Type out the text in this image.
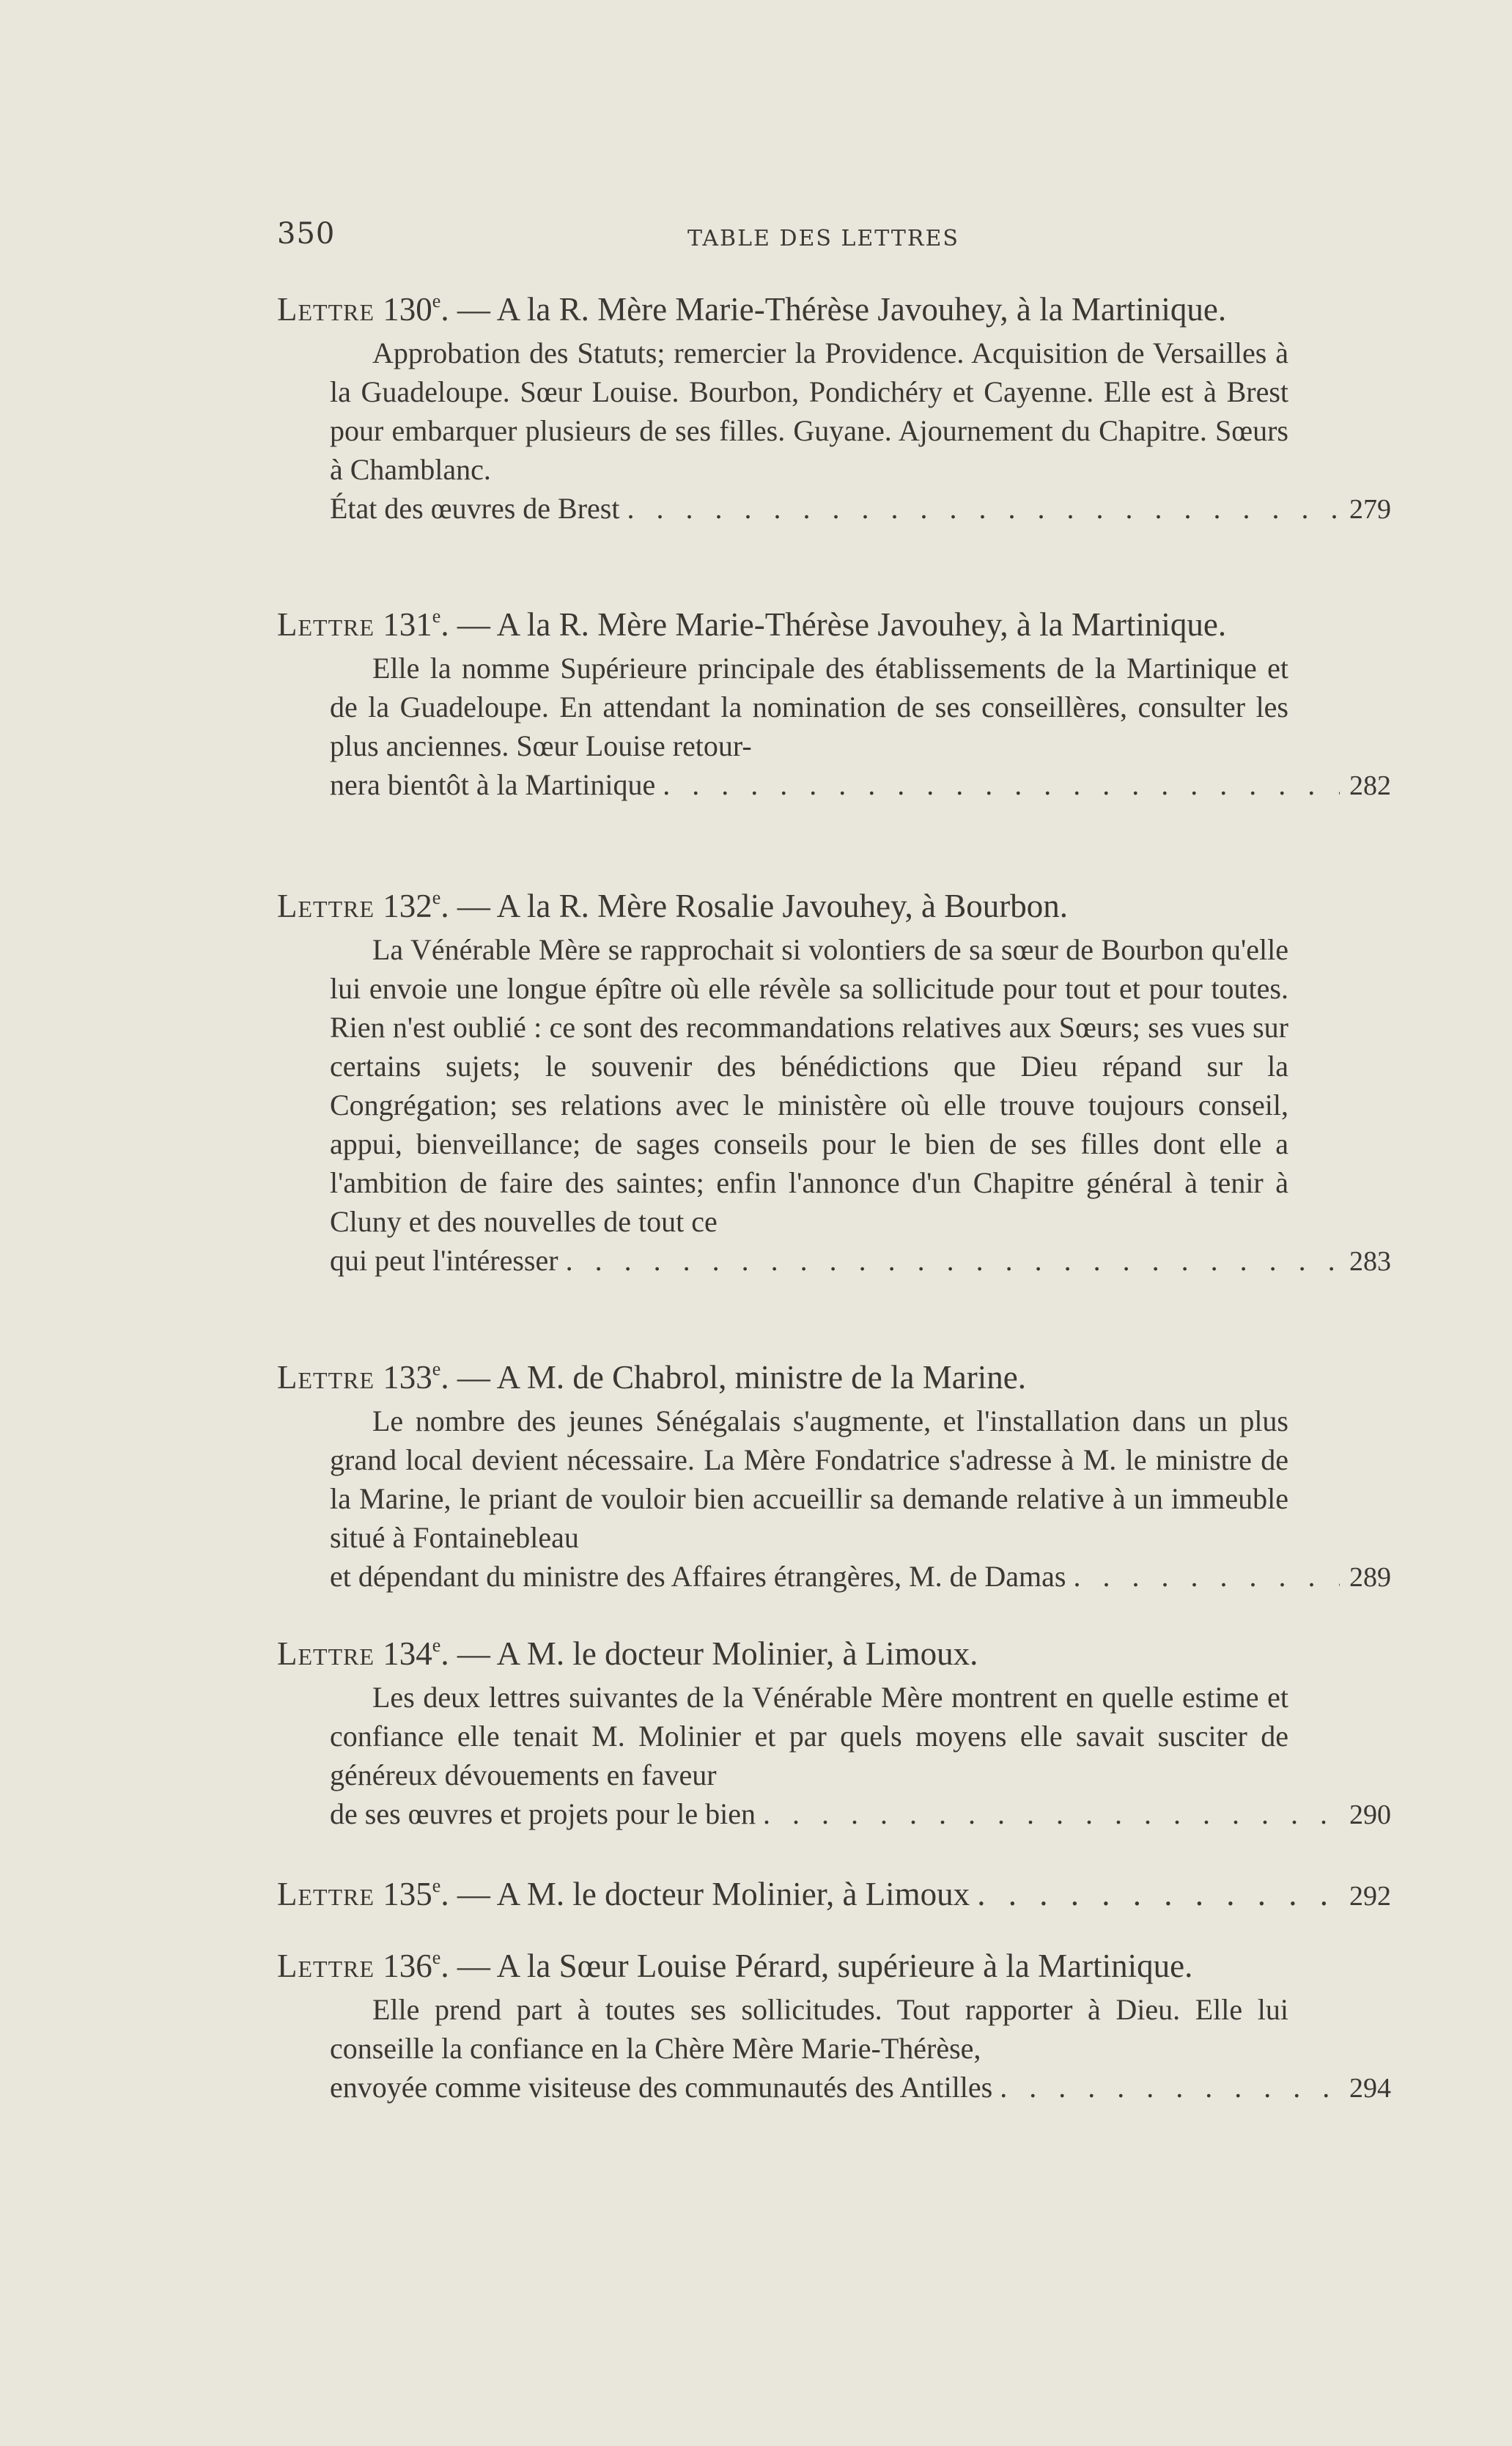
350	TABLE DES LETTRES
Lettre 130e. — A la R. Mère Marie-Thérèse Javouhey, à la Martinique.
Approbation des Statuts; remercier la Providence. Acquisition de Versailles à la Guadeloupe. Sœur Louise. Bourbon, Pondichéry et Cayenne. Elle est à Brest pour embarquer plusieurs de ses filles. Guyane. Ajournement du Chapitre. Sœurs à Chamblanc.
État des œuvres de Brest . . .	279
Lettre 131e. — A la R. Mère Marie-Thérèse Javouhey, à la Martinique.
Elle la nomme Supérieure principale des établissements de la Martinique et de la Guadeloupe. En attendant la nomination de ses conseillères, consulter les plus anciennes. Sœur Louise retour-
nera bientôt à la Martinique . . .	282
Lettre 132e. — A la R. Mère Rosalie Javouhey, à Bourbon.
La Vénérable Mère se rapprochait si volontiers de sa sœur de Bourbon qu'elle lui envoie une longue épître où elle révèle sa sollicitude pour tout et pour toutes. Rien n'est oublié : ce sont des recommandations relatives aux Sœurs; ses vues sur certains sujets; le souvenir des bénédictions que Dieu répand sur la Congrégation; ses relations avec le ministère où elle trouve toujours conseil, appui, bienveillance; de sages conseils pour le bien de ses filles dont elle a l'ambition de faire des saintes; enfin l'annonce d'un Chapitre général à tenir à Cluny et des nouvelles de tout ce
qui peut l'intéresser . . .	283
Lettre 133e. — A M. de Chabrol, ministre de la Marine.
Le nombre des jeunes Sénégalais s'augmente, et l'installation dans un plus grand local devient nécessaire. La Mère Fondatrice s'adresse à M. le ministre de la Marine, le priant de vouloir bien accueillir sa demande relative à un immeuble situé à Fontainebleau
et dépendant du ministre des Affaires étrangères, M. de Damas . . .	289
Lettre 134e. — A M. le docteur Molinier, à Limoux.
Les deux lettres suivantes de la Vénérable Mère montrent en quelle estime et confiance elle tenait M. Molinier et par quels moyens elle savait susciter de généreux dévouements en faveur
de ses œuvres et projets pour le bien . . .	290
Lettre 135e. — A M. le docteur Molinier, à Limoux . . .	292
Lettre 136e. — A la Sœur Louise Pérard, supérieure à la Martinique.
Elle prend part à toutes ses sollicitudes. Tout rapporter à Dieu. Elle lui conseille la confiance en la Chère Mère Marie-Thérèse,
envoyée comme visiteuse des communautés des Antilles . . .	294
